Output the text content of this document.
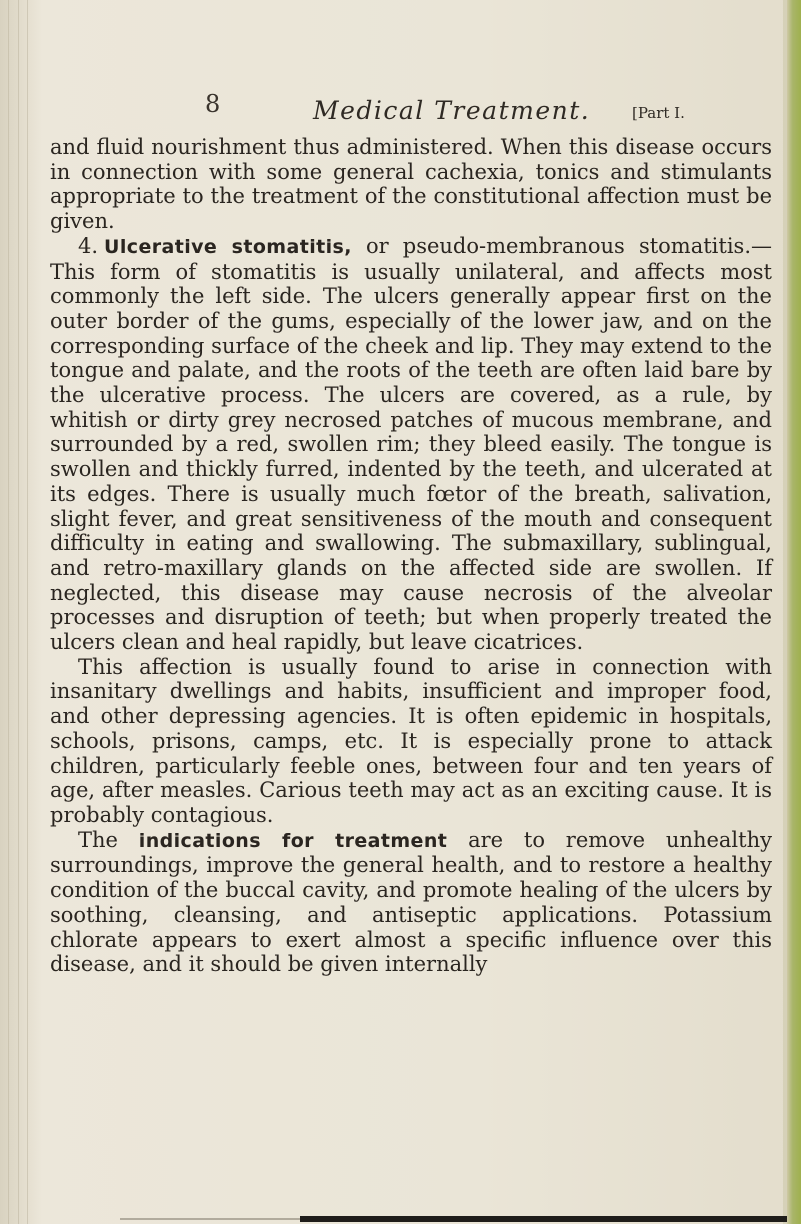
8	Medical Treatment.	[Part I.

and fluid nourishment thus administered. When this disease occurs in connection with some general cachexia, tonics and stimulants appropriate to the treatment of the constitutional affection must be given.

4. Ulcerative stomatitis, or pseudo-membranous stomatitis.—This form of stomatitis is usually unilateral, and affects most commonly the left side. The ulcers generally appear first on the outer border of the gums, especially of the lower jaw, and on the corresponding surface of the cheek and lip. They may extend to the tongue and palate, and the roots of the teeth are often laid bare by the ulcerative process. The ulcers are covered, as a rule, by whitish or dirty grey necrosed patches of mucous membrane, and surrounded by a red, swollen rim; they bleed easily. The tongue is swollen and thickly furred, indented by the teeth, and ulcerated at its edges. There is usually much fœtor of the breath, salivation, slight fever, and great sensitiveness of the mouth and consequent difficulty in eating and swallowing. The submaxillary, sublingual, and retro-maxillary glands on the affected side are swollen. If neglected, this disease may cause necrosis of the alveolar processes and disruption of teeth; but when properly treated the ulcers clean and heal rapidly, but leave cicatrices.

This affection is usually found to arise in connection with insanitary dwellings and habits, insufficient and improper food, and other depressing agencies. It is often epidemic in hospitals, schools, prisons, camps, etc. It is especially prone to attack children, particularly feeble ones, between four and ten years of age, after measles. Carious teeth may act as an exciting cause. It is probably contagious.

The indications for treatment are to remove unhealthy surroundings, improve the general health, and to restore a healthy condition of the buccal cavity, and promote healing of the ulcers by soothing, cleansing, and antiseptic applications. Potassium chlorate appears to exert almost a specific influence over this disease, and it should be given internally
